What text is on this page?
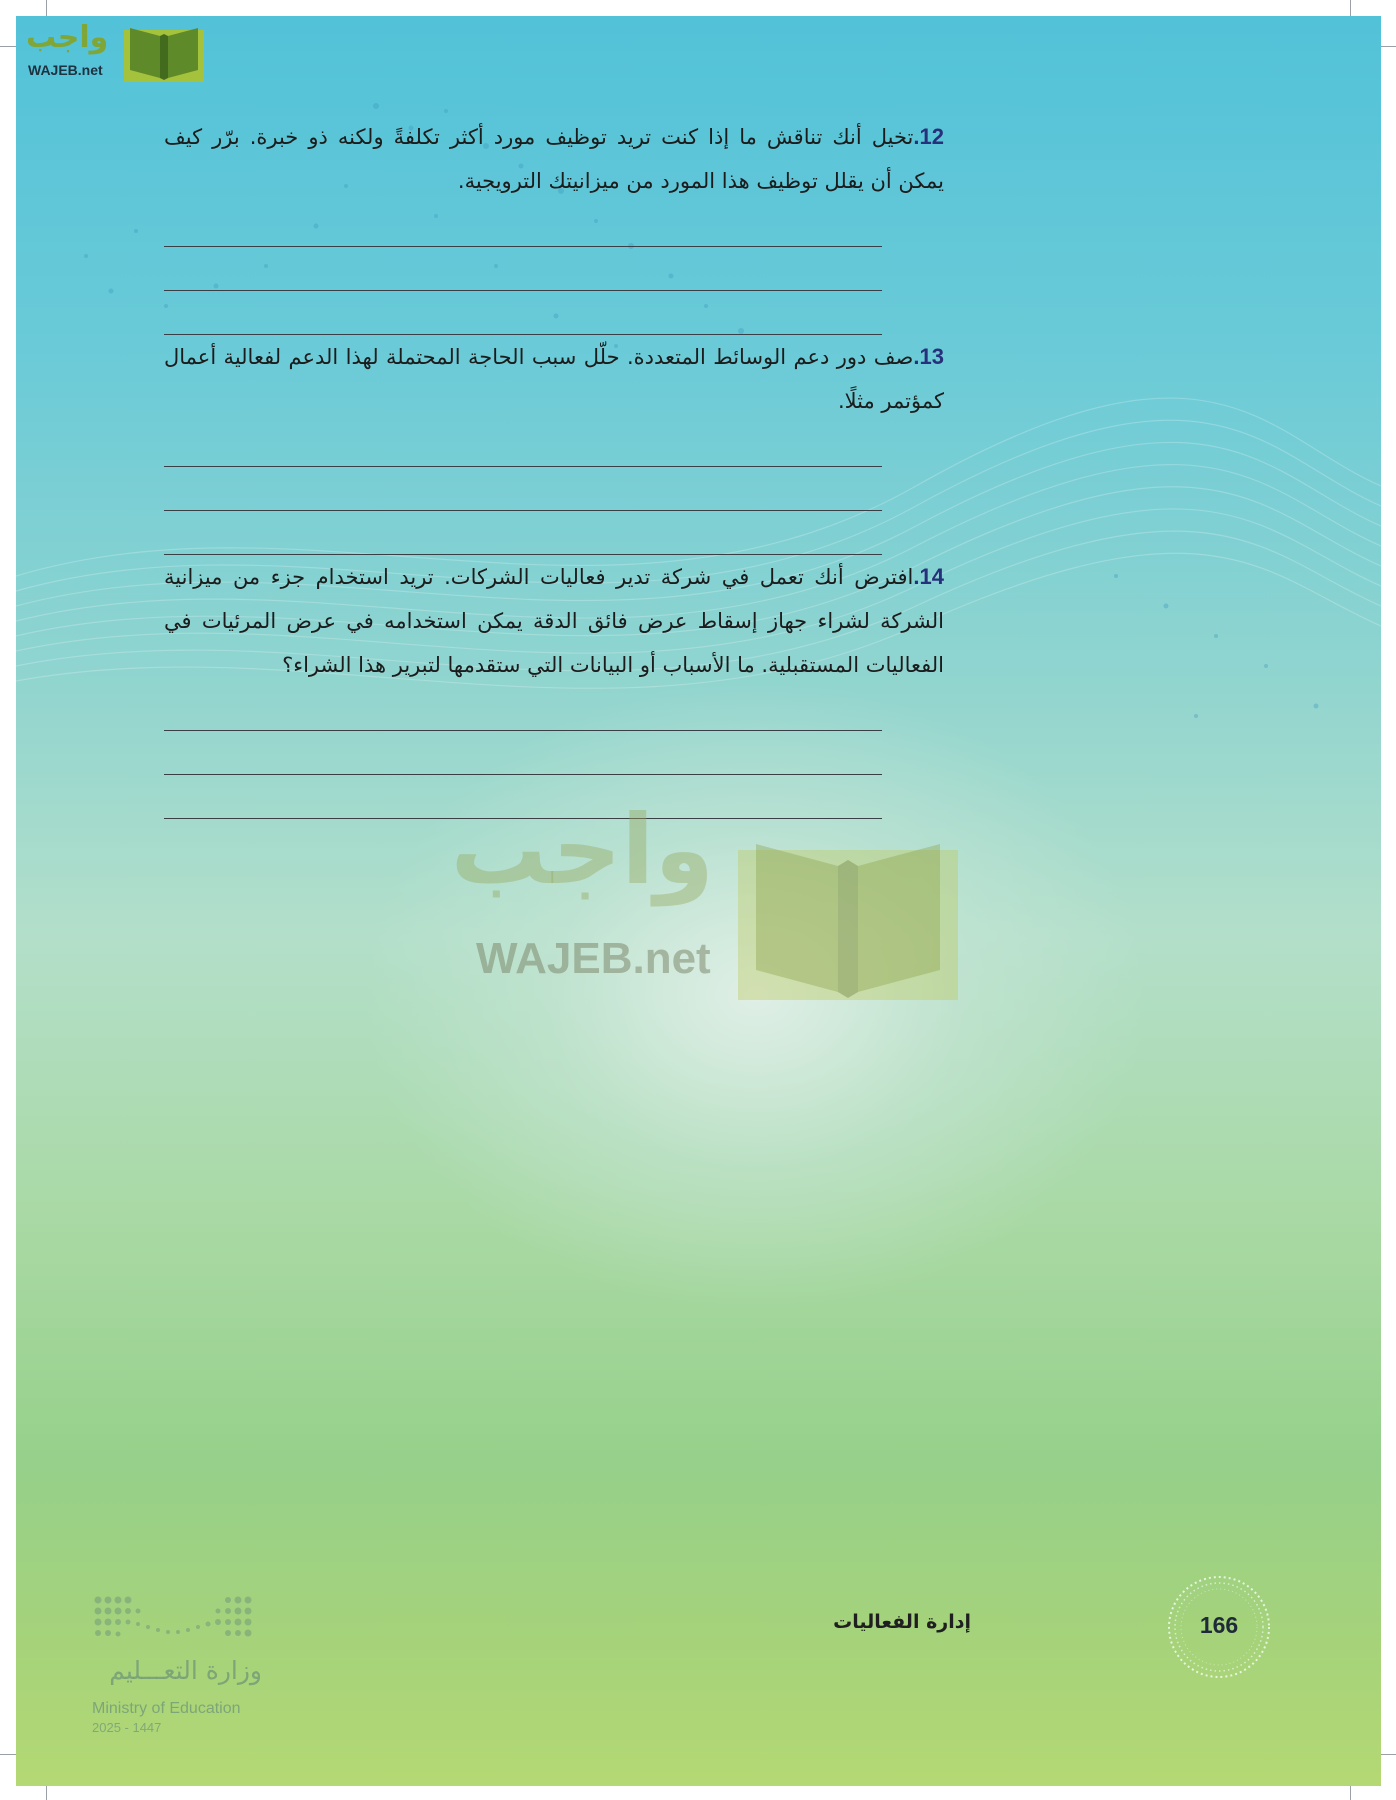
واجب
WAJEB.net

12.تخيل أنك تناقش ما إذا كنت تريد توظيف مورد أكثر تكلفةً ولكنه ذو خبرة. برّر كيف يمكن أن يقلل توظيف هذا المورد من ميزانيتك الترويجية.

13.صف دور دعم الوسائط المتعددة. حلّل سبب الحاجة المحتملة لهذا الدعم لفعالية أعمال كمؤتمر مثلًا.

14.افترض أنك تعمل في شركة تدير فعاليات الشركات. تريد استخدام جزء من ميزانية الشركة لشراء جهاز إسقاط عرض فائق الدقة يمكن استخدامه في عرض المرئيات في الفعاليات المستقبلية. ما الأسباب أو البيانات التي ستقدمها لتبرير هذا الشراء؟

واجب
WAJEB.net
وزارة التعـــليم
Ministry of Education
2025 - 1447
إدارة الفعاليات	166
